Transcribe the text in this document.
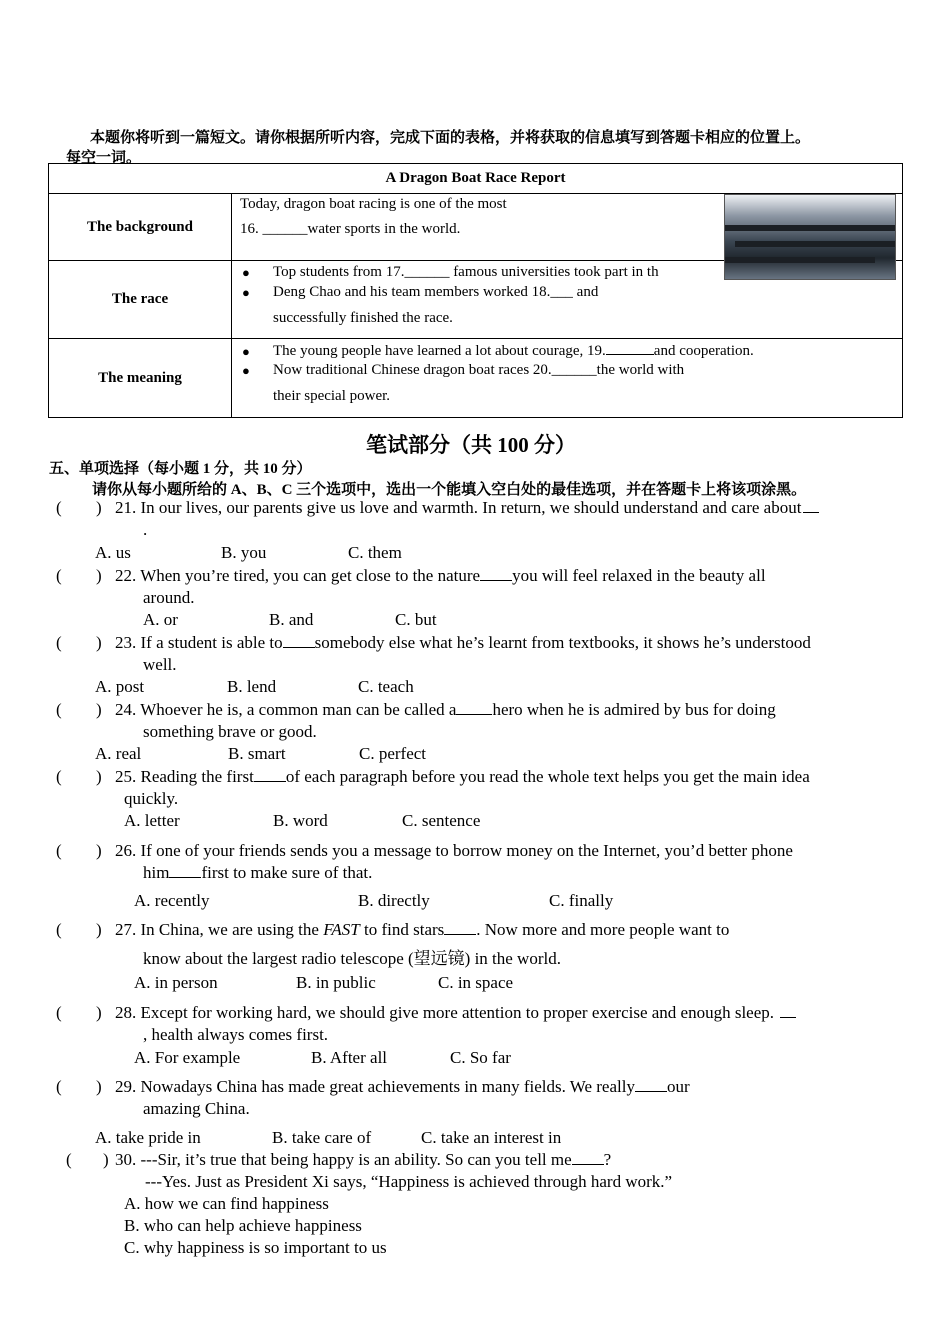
本题你将听到一篇短文。请你根据所听内容，完成下面的表格，并将获取的信息填写到答题卡相应的位置上。
每空一词。
A Dragon Boat Race Report	
The background	Today, dragon boat racing is one of the most
16. ______water sports in the world.

The race	● Top students from 17.______ famous universities took part in th
● Deng Chao and his team members worked 18.___ and
successfully finished the race.

The meaning	● The young people have learned a lot about courage, 19. and cooperation.
● Now traditional Chinese dragon boat races 20.______the world with
their special power.
笔试部分（共 100 分）
五、单项选择（每小题 1 分，共 10 分）
请你从每小题所给的 A、B、C 三个选项中，选出一个能填入空白处的最佳选项，并在答题卡上将该项涂黑。
( ) 21. In our lives, our parents give us love and warmth. In return, we should understand and care about
.
A. us	B. you	C. them
( ) 22. When you’re tired, you can get close to the nature you will feel relaxed in the beauty all
around.
A. or	B. and	C. but
( ) 23. If a student is able to somebody else what he’s learnt from textbooks, it shows he’s understood
well.
A. post	B. lend	C. teach
( ) 24. Whoever he is, a common man can be called a hero when he is admired by bus for doing
something brave or good.
A. real	B. smart	C. perfect
( ) 25. Reading the first of each paragraph before you read the whole text helps you get the main idea
quickly.
A. letter	B. word	C. sentence
( ) 26. If one of your friends sends you a message to borrow money on the Internet, you’d better phone
him first to make sure of that.
A. recently	B. directly	C. finally
( ) 27. In China, we are using the FAST to find stars . Now more and more people want to
know about the largest radio telescope (望远镜) in the world.
A. in person	B. in public	C. in space
( ) 28. Except for working hard, we should give more attention to proper exercise and enough sleep.
, health always comes first.
A. For example	B. After all	C. So far
( ) 29. Nowadays China has made great achievements in many fields. We really our
amazing China.
A. take pride in	B. take care of	C. take an interest in
( ) 30. ---Sir, it’s true that being happy is an ability. So can you tell me ?
---Yes. Just as President Xi says, “Happiness is achieved through hard work.”
A. how we can find happiness
B. who can help achieve happiness
C. why happiness is so important to us
